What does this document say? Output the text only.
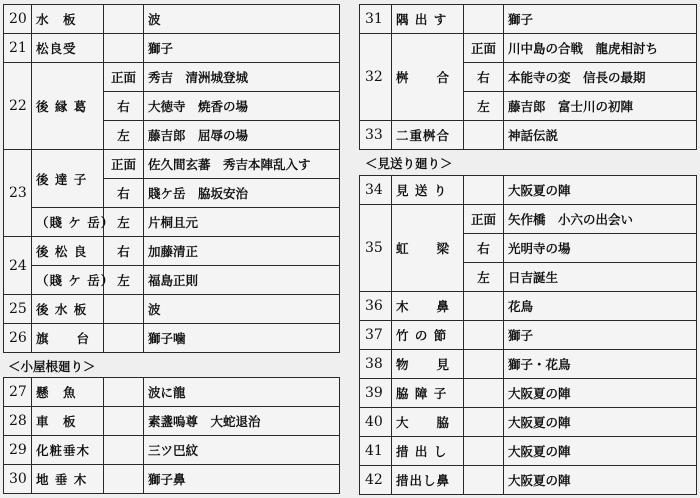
20	水　板		波
21	松良受		獅子
22	後 縁 葛	正面	秀吉　清洲城登城
		右	大徳寺　焼香の場
		左	藤吉郎　屈辱の場
23	後 達 子	正面	佐久間玄蕃　秀吉本陣乱入す
		右	賤ケ岳　脇坂安治
	（賤 ケ 岳）	左	片桐且元
24	後 松 良	右	加藤清正
	（賤 ケ 岳）	左	福島正則
25	後 水 板		波
26	旗　　台		獅子噛
＜小屋根廻り＞
27	懸　魚		波に龍
28	車　板		素盞嗚尊　大蛇退治
29	化粧垂木		三ツ巴紋
30	地 垂 木		獅子鼻
31	隅 出 す		獅子
32	桝　　合	正面	川中島の合戦　龍虎相討ち
		右	本能寺の変　信長の最期
		左	藤吉郎　富士川の初陣
33	二重桝合		神話伝説
＜見送り廻り＞
34	見 送 り		大阪夏の陣
35	虹　　梁	正面	矢作橋　小六の出会い
		右	光明寺の場
		左	日吉誕生
36	木　　鼻		花鳥
37	竹 の 節		獅子
38	物　　見		獅子・花鳥
39	脇 障 子		大阪夏の陣
40	大　　脇		大阪夏の陣
41	措 出 し		大阪夏の陣
42	措出し鼻		大阪夏の陣
